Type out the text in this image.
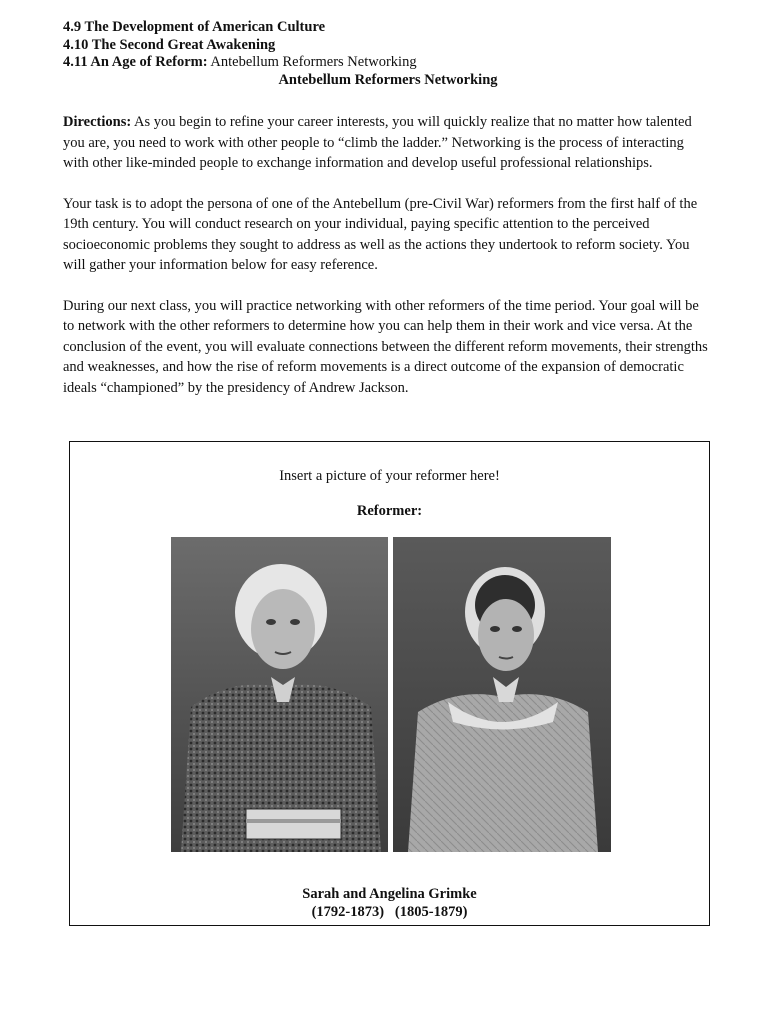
4.9 The Development of American Culture
4.10 The Second Great Awakening
4.11 An Age of Reform: Antebellum Reformers Networking
Antebellum Reformers Networking

Directions: As you begin to refine your career interests, you will quickly realize that no matter how talented you are, you need to work with other people to “climb the ladder.” Networking is the process of interacting with other like-minded people to exchange information and develop useful professional relationships.

Your task is to adopt the persona of one of the Antebellum (pre-Civil War) reformers from the first half of the 19th century. You will conduct research on your individual, paying specific attention to the perceived socioeconomic problems they sought to address as well as the actions they undertook to reform society. You will gather your information below for easy reference.

During our next class, you will practice networking with other reformers of the time period. Your goal will be to network with the other reformers to determine how you can help them in their work and vice versa. At the conclusion of the event, you will evaluate connections between the different reform movements, their strengths and weaknesses, and how the rise of reform movements is a direct outcome of the expansion of democratic ideals “championed” by the presidency of Andrew Jackson.

Insert a picture of your reformer here!
Reformer:
Sarah and Angelina Grimke
(1792-1873)   (1805-1879)
